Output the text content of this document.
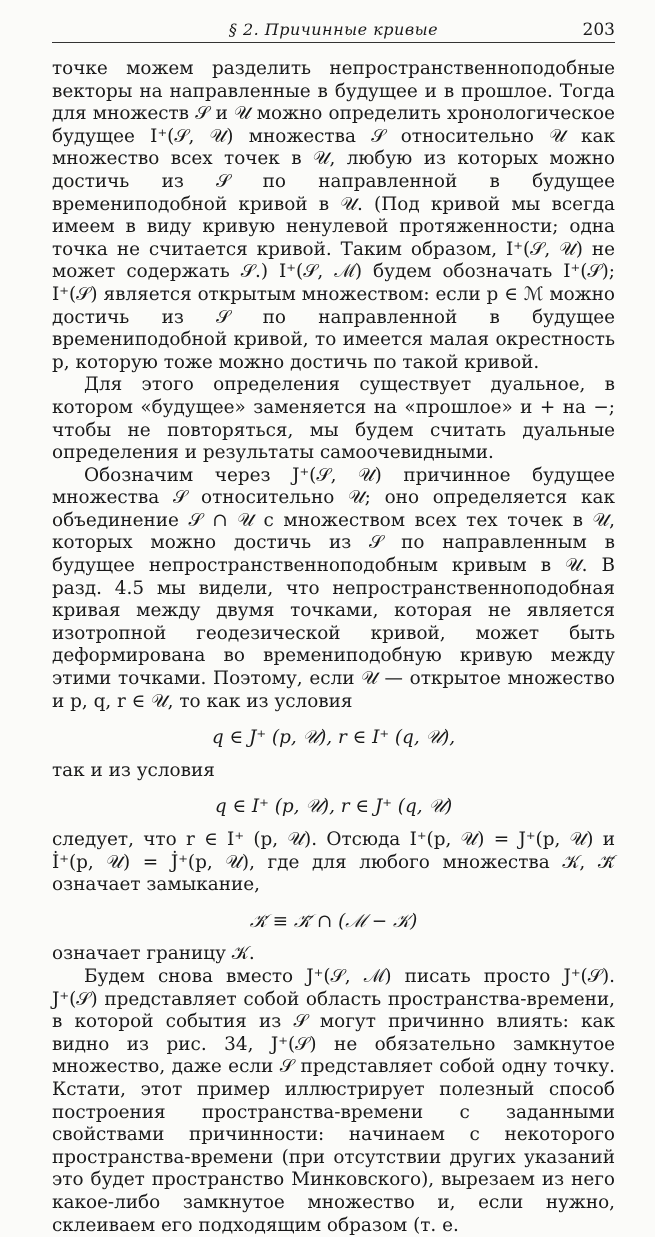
§ 2. Причинные кривые	203

точке можем разделить непространственноподобные векторы на направленные в будущее и в прошлое. Тогда для множеств 𝒮 и 𝒰 можно определить хронологическое будущее I⁺(𝒮, 𝒰) множества 𝒮 относительно 𝒰 как множество всех точек в 𝒰, любую из которых можно достичь из 𝒮 по направленной в будущее времениподобной кривой в 𝒰. (Под кривой мы всегда имеем в виду кривую ненулевой протяженности; одна точка не считается кривой. Таким образом, I⁺(𝒮, 𝒰) не может содержать 𝒮.) I⁺(𝒮, ℳ) будем обозначать I⁺(𝒮); I⁺(𝒮) является открытым множеством: если p ∈ ℳ можно достичь из 𝒮 по направленной в будущее времениподобной кривой, то имеется малая окрестность p, которую тоже можно достичь по такой кривой.

Для этого определения существует дуальное, в котором «будущее» заменяется на «прошлое» и + на −; чтобы не повторяться, мы будем считать дуальные определения и результаты самоочевидными.

Обозначим через J⁺(𝒮, 𝒰) причинное будущее множества 𝒮 относительно 𝒰; оно определяется как объединение 𝒮 ∩ 𝒰 с множеством всех тех точек в 𝒰, которых можно достичь из 𝒮 по направленным в будущее непространственноподобным кривым в 𝒰. В разд. 4.5 мы видели, что непространственноподобная кривая между двумя точками, которая не является изотропной геодезической кривой, может быть деформирована во времениподобную кривую между этими точками. Поэтому, если 𝒰 — открытое множество и p, q, r ∈ 𝒰, то как из условия

q ∈ J⁺ (p, 𝒰), r ∈ I⁺ (q, 𝒰),

так и из условия

q ∈ I⁺ (p, 𝒰), r ∈ J⁺ (q, 𝒰)

следует, что r ∈ I⁺ (p, 𝒰). Отсюда I⁺(p, 𝒰) = J⁺(p, 𝒰) и İ⁺(p, 𝒰) = J̇⁺(p, 𝒰), где для любого множества 𝒦, 𝒦̄ означает замыкание,

𝒦̇ ≡ 𝒦̄ ∩ (ℳ − 𝒦)

означает границу 𝒦.

Будем снова вместо J⁺(𝒮, ℳ) писать просто J⁺(𝒮). J⁺(𝒮) представляет собой область пространства-времени, в которой события из 𝒮 могут причинно влиять: как видно из рис. 34, J⁺(𝒮) не обязательно замкнутое множество, даже если 𝒮 представляет собой одну точку. Кстати, этот пример иллюстрирует полезный способ построения пространства-времени с заданными свойствами причинности: начинаем с некоторого пространства-времени (при отсутствии других указаний это будет пространство Минковского), вырезаем из него какое-либо замкнутое множество и, если нужно, склеиваем его подходящим образом (т. е.
